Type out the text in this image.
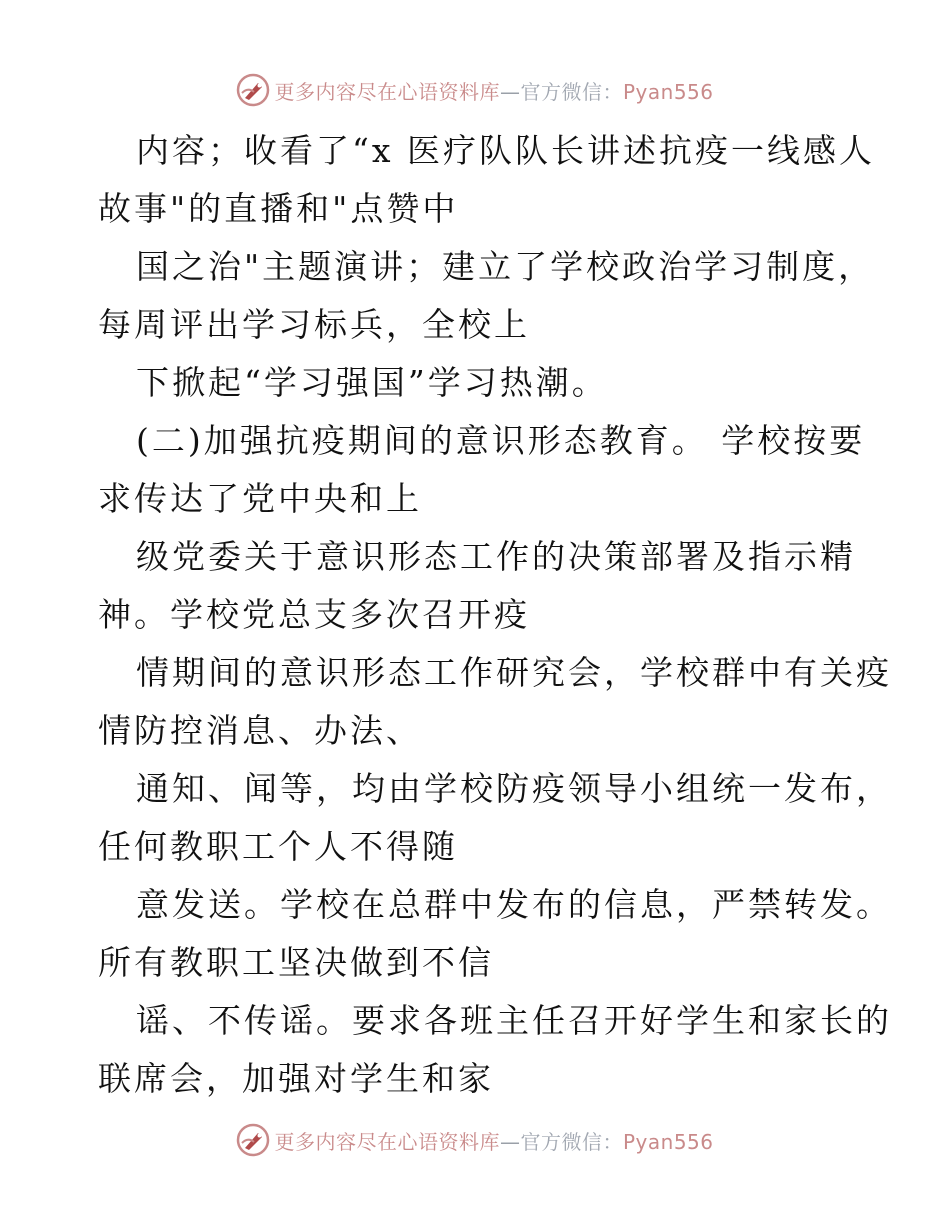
更多内容尽在心语资料库—官方微信：Pyan556
内容；收看了“x 医疗队队长讲述抗疫一线感人
故事"的直播和"点赞中
国之治"主题演讲；建立了学校政治学习制度，
每周评出学习标兵，全校上
下掀起“学习强国”学习热潮。
(二)加强抗疫期间的意识形态教育。 学校按要
求传达了党中央和上
级党委关于意识形态工作的决策部署及指示精
神。学校党总支多次召开疫
情期间的意识形态工作研究会，学校群中有关疫
情防控消息、办法、
通知、闻等，均由学校防疫领导小组统一发布，
任何教职工个人不得随
意发送。学校在总群中发布的信息，严禁转发。
所有教职工坚决做到不信
谣、不传谣。要求各班主任召开好学生和家长的
联席会，加强对学生和家
更多内容尽在心语资料库—官方微信：Pyan556
